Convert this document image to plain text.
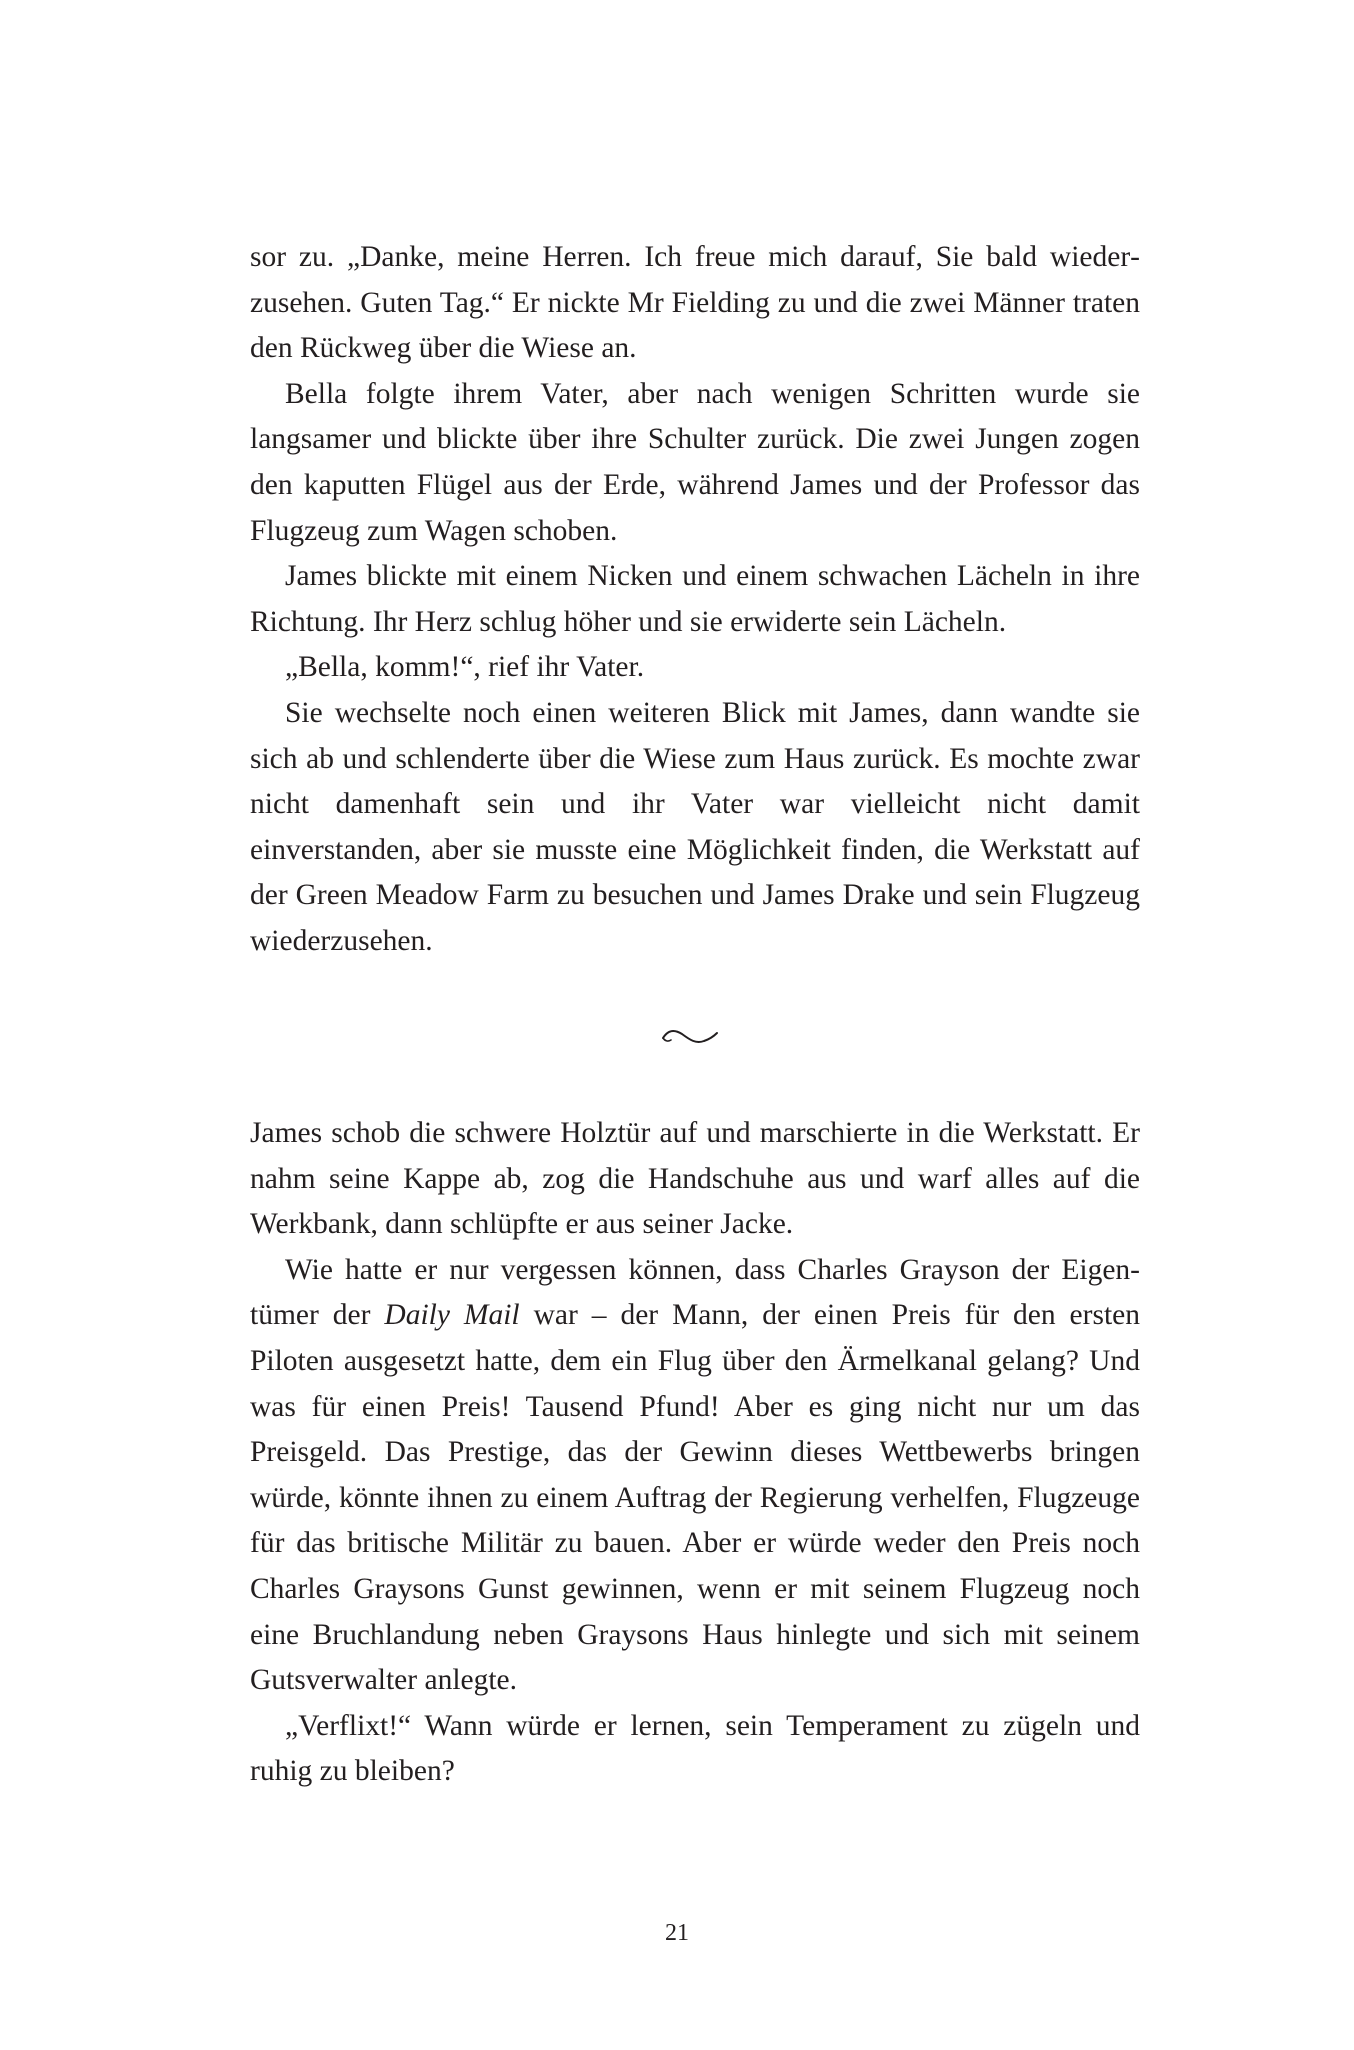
sor zu. „Danke, meine Herren. Ich freue mich darauf, Sie bald wiederzusehen. Guten Tag.“ Er nickte Mr Fielding zu und die zwei Männer traten den Rückweg über die Wiese an.

Bella folgte ihrem Vater, aber nach wenigen Schritten wurde sie langsamer und blickte über ihre Schulter zurück. Die zwei Jungen zogen den kaputten Flügel aus der Erde, während James und der Professor das Flugzeug zum Wagen schoben.

James blickte mit einem Nicken und einem schwachen Lächeln in ihre Richtung. Ihr Herz schlug höher und sie erwiderte sein Lächeln.

„Bella, komm!“, rief ihr Vater.

Sie wechselte noch einen weiteren Blick mit James, dann wandte sie sich ab und schlenderte über die Wiese zum Haus zurück. Es mochte zwar nicht damenhaft sein und ihr Vater war vielleicht nicht damit einverstanden, aber sie musste eine Möglichkeit finden, die Werkstatt auf der Green Meadow Farm zu besuchen und James Drake und sein Flugzeug wiederzusehen.

James schob die schwere Holztür auf und marschierte in die Werkstatt. Er nahm seine Kappe ab, zog die Handschuhe aus und warf alles auf die Werkbank, dann schlüpfte er aus seiner Jacke.

Wie hatte er nur vergessen können, dass Charles Grayson der Eigentümer der Daily Mail war – der Mann, der einen Preis für den ersten Piloten ausgesetzt hatte, dem ein Flug über den Ärmelkanal gelang? Und was für einen Preis! Tausend Pfund! Aber es ging nicht nur um das Preisgeld. Das Prestige, das der Gewinn dieses Wettbewerbs bringen würde, könnte ihnen zu einem Auftrag der Regierung verhelfen, Flugzeuge für das britische Militär zu bauen. Aber er würde weder den Preis noch Charles Graysons Gunst gewinnen, wenn er mit seinem Flugzeug noch eine Bruchlandung neben Graysons Haus hinlegte und sich mit seinem Gutsverwalter anlegte.

„Verflixt!“ Wann würde er lernen, sein Temperament zu zügeln und ruhig zu bleiben?

21
